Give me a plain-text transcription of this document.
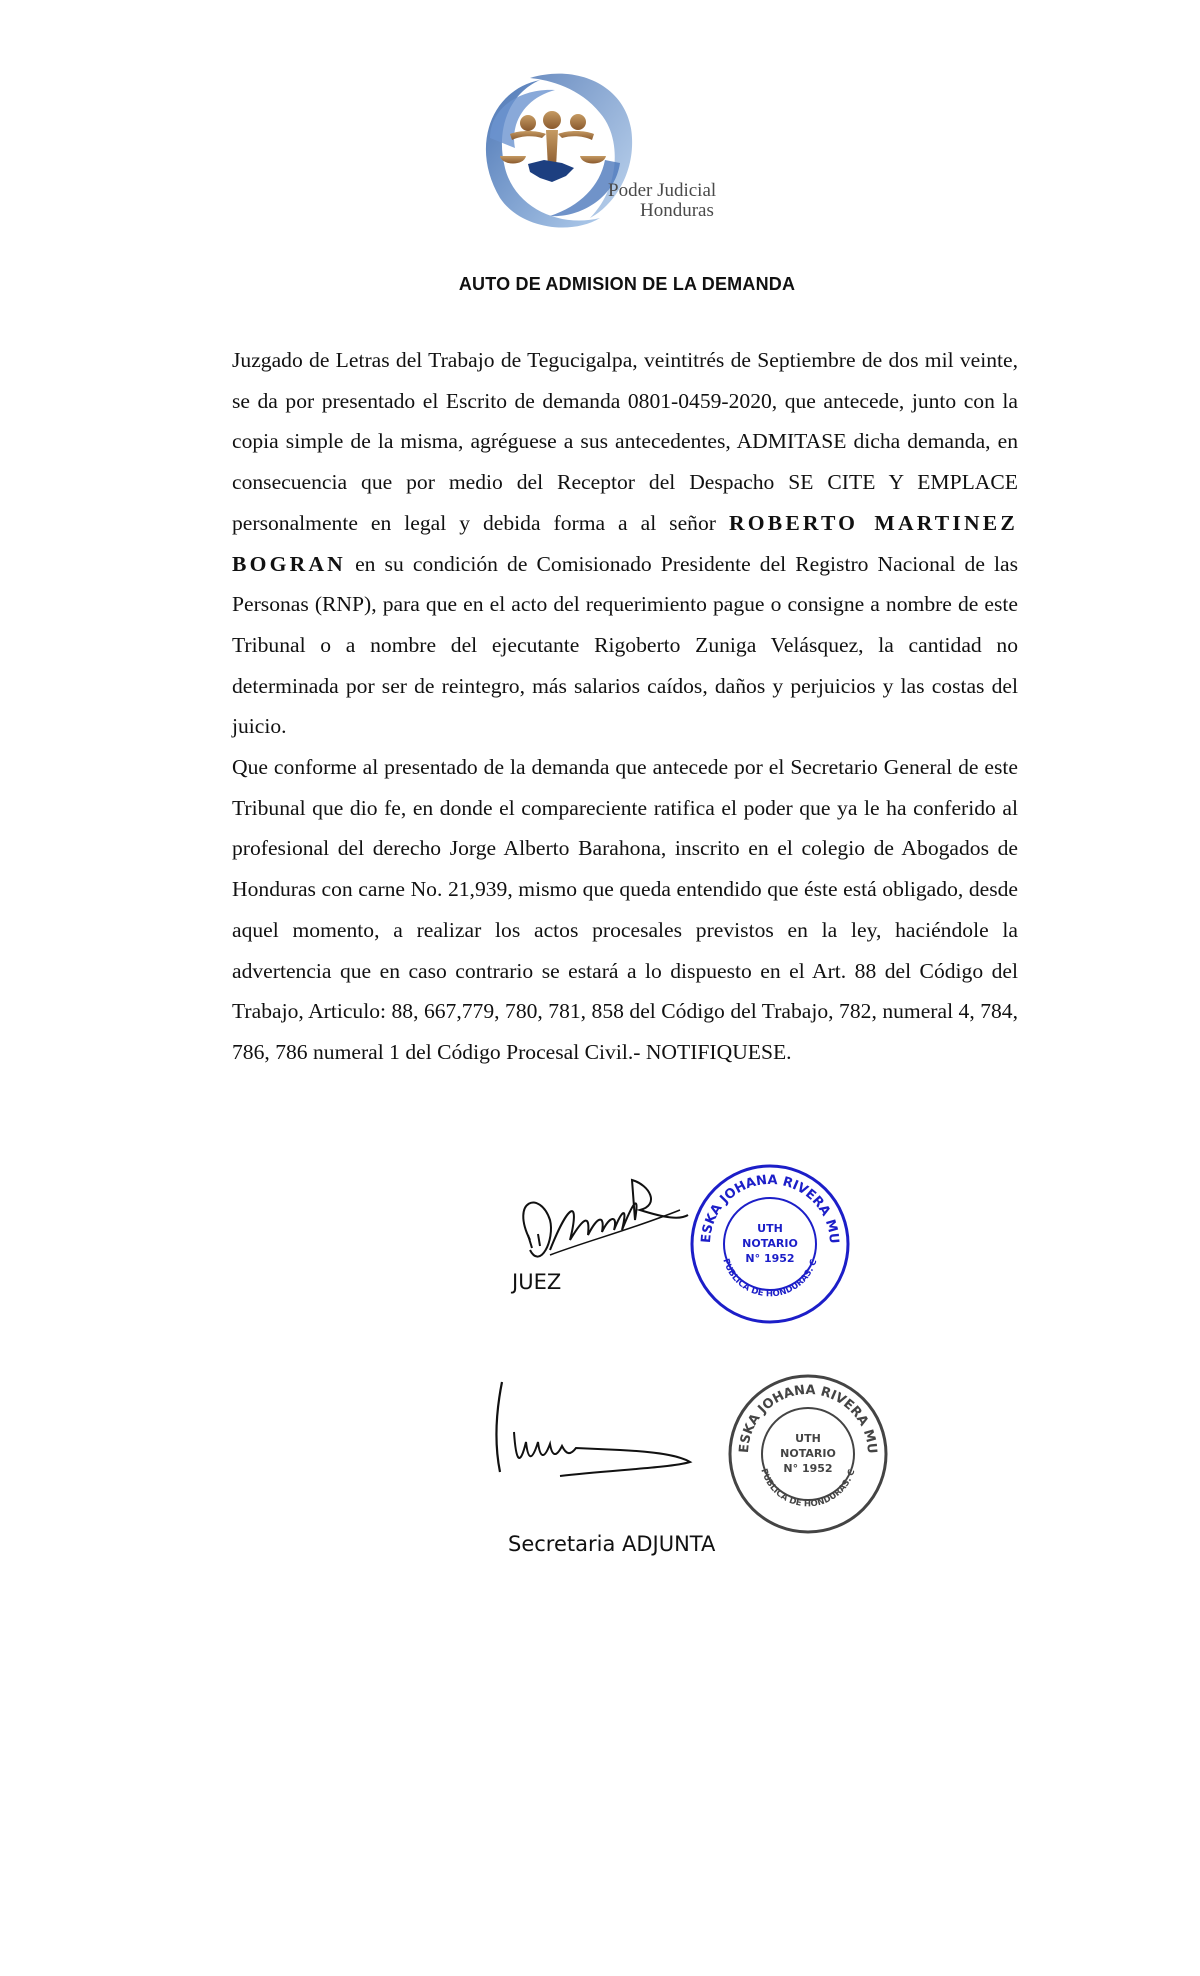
Poder Judicial
Honduras
AUTO DE ADMISION DE LA DEMANDA

Juzgado de Letras del Trabajo de Tegucigalpa, veintitrés de Septiembre de dos mil veinte, se da por presentado el Escrito de demanda 0801-0459-2020, que antecede, junto con la copia simple de la misma, agréguese a sus antecedentes, ADMITASE dicha demanda, en consecuencia que por medio del Receptor del Despacho SE CITE Y EMPLACE personalmente en legal y debida forma a al señor ROBERTO MARTINEZ BOGRAN en su condición de Comisionado Presidente del Registro Nacional de las Personas (RNP), para que en el acto del requerimiento pague o consigne a nombre de este Tribunal o a nombre del ejecutante Rigoberto Zuniga Velásquez, la cantidad no determinada por ser de reintegro, más salarios caídos, daños y perjuicios y las costas del juicio.

Que conforme al presentado de la demanda que antecede por el Secretario General de este Tribunal que dio fe, en donde el compareciente ratifica el poder que ya le ha conferido al profesional del derecho Jorge Alberto Barahona, inscrito en el colegio de Abogados de Honduras con carne No. 21,939, mismo que queda entendido que éste está obligado, desde aquel momento, a realizar los actos procesales previstos en la ley, haciéndole la advertencia que en caso contrario se estará a lo dispuesto en el Art. 88 del Código del Trabajo, Articulo: 88, 667,779, 780, 781, 858 del Código del Trabajo, 782, numeral 4, 784, 786, 786 numeral 1 del Código Procesal Civil.- NOTIFIQUESE.

JUEZ
ESKA JOHANA RIVERA MU
UTH
NOTARIO
N° 1952
PUBLICA DE HONDURAS. C
Secretaria ADJUNTA
ESKA JOHANA RIVERA MU
UTH
NOTARIO
N° 1952
PUBLICA DE HONDURAS. C
